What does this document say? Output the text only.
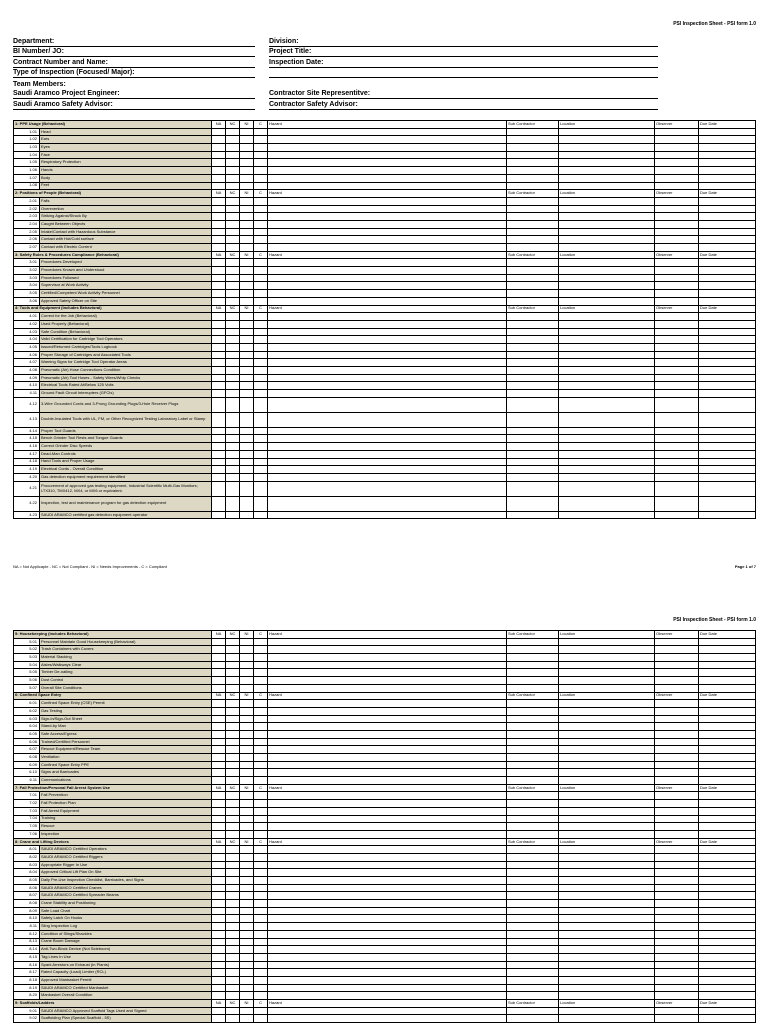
PSI Inspection Sheet - PSI form 1.0
Department:	Division:
BI Number/ JO:	Project Title:
Contract Number and Name:	Inspection Date:
Type of Inspection (Focused/ Major):
Team Members:
Saudi Aramco Project Engineer:	Contractor Site Representitve:
Saudi Aramco Safety Advisor:	Contractor Safety Advisor:
1: PPE Usage (Behavioral)		NA	NC	NI	C	Hazard	Sub Contractor	Location	Observer	Due Date
1.01	Head									
1.02	Ears									
1.03	Eyes									
1.04	Face									
1.05	Respiratory Protection									
1.06	Hands									
1.07	Body									
1.08	Feet									
2: Positions of People (Behavioral)		NA	NC	NI	C	Hazard	Sub Contractor	Location	Observer	Due Date
2.01	Falls									
2.02	Overexertion									
2.03	Striking Against/Struck By									
2.04	Caught Between Objects									
2.05	Intake/Contact with Hazardous Substance									
2.06	Contact with Hot/Cold surface									
2.07	Contact with Electric Current									
3: Safety Rules & Procedures Compliance (Behavioral)		NA	NC	NI	C	Hazard	Sub Contractor	Location	Observer	Due Date
3.01	Procedures Developed									
3.02	Procedures Known and Understood									
3.03	Procedures Followed									
3.04	Supervisor at Work Activity									
3.05	Certified/Competent Work Activity Personnel									
3.06	Approved Safety Officer on Site									
4: Tools and Equipment (Includes Behavioral)		NA	NC	NI	C	Hazard	Sub Contractor	Location	Observer	Due Date
4.01	Correct for the Job (Behavioral)									
4.02	Used Properly (Behavioral)									
4.03	Safe Condition (Behavioral)									
4.04	Valid Certification for Cartridge Tool Operators									
4.05	Issued/Returned Cartridges/Tools Logbook									
4.06	Proper Storage of Cartridges and Associated Tools									
4.07	Warning Signs for Cartridge Tool Operator Areas									
4.08	Pneumatic (Air) Hose Connections Condition									
4.09	Pneumatic (Air) Tool Hoses - Safety Wires/Whip Checks									
4.10	Electrical Tools Rated At/Below 125 Volts									
4.11	Ground Fault Circuit Interrupters (GFCIs)									
4.12	3-Wire Grounded Cords and 3-Prong Grounding Plugs/3-Hole Receiver Plugs									
4.13	Double-Insulated Tools with UL, FM, or Other Recognized Testing Laboratory Label or Stamp									
4.14	Proper Tool Guards									
4.15	Bench Grinder Tool Rests and Tongue Guards									
4.16	Correct Grinder Disc Speeds									
4.17	Dead-Man Controls									
4.18	Hand Tools and Proper Usage									
4.19	Electrical Cords - Overall Condition									
4.20	Gas detection equipment requirement identified									
4.21	Procurement of approved gas testing equipment, Industrial Scientific Multi-Gas Monitors; LTX310, TMX412, MX4, or MX6 or equivalent.									
4.22	Inspection, test and maintenance program for gas detection equipment									
4.23	SAUDI ARAMCO certified gas detection equipment operator									
NA = Not Applicaple - NC = Not Compliant - NI = Needs Improvements - C = Compliant	Page 1 of 7
PSI Inspection Sheet - PSI form 1.0
5: Housekeeping (Includes Behavioral)		NA	NC	NI	C	Hazard	Sub Contractor	Location	Observer	Due Date
5.01	Personnel Maintain Good Housekeeping (Behavioral)									
5.02	Trash Containers with Covers									
5.03	Material Stacking									
5.04	Aisles/Walkways Clear									
5.05	Timber De-nailing									
5.06	Dust Control									
5.07	Overall Site Conditions									
6: Confined Space Entry		NA	NC	NI	C	Hazard	Sub Contractor	Location	Observer	Due Date
6.01	Confined Space Entry (CSE) Permit									
6.02	Gas Testing									
6.03	Sign-In/Sign-Out Sheet									
6.04	Stand-by Man									
6.05	Safe Access/Egress									
6.06	Trained/Certified Personnel									
6.07	Rescue Equipment/Rescue Team									
6.08	Ventilation									
6.09	Confined Space Entry PPE									
6.10	Signs and Barricades									
6.11	Communications									
7: Fall Protection/Personal Fall Arrest System Use		NA	NC	NI	C	Hazard	Sub Contractor	Location	Observer	Due Date
7.01	Fall Prevention									
7.02	Fall Protection Plan									
7.03	Fall Arrest Equipment									
7.04	Training									
7.05	Rescue									
7.06	Inspection									
8: Crane and Lifting Devices		NA	NC	NI	C	Hazard	Sub Contractor	Location	Observer	Due Date
8.01	SAUDI ARAMCO Certified Operators									
8.02	SAUDI ARAMCO Certified Riggers									
8.03	Appropriate Rigger In Use									
8.04	Approved Critical Lift Plan On Site									
8.05	Daily Pre-Use Inspection Checklist, Barricades, and Signs									
8.06	SAUDI ARAMCO Certified Cranes									
8.07	SAUDI ARAMCO Certified Spreader Beams									
8.08	Crane Stability and Positioning									
8.09	Safe Load Chart									
8.10	Safety Latch On Hooks									
8.11	Sling Inspection Log									
8.12	Condition of Slings/Shackles									
8.13	Crane Boom Damage									
8.14	Anti-Two-Block Device (Not Sideboom)									
8.15	Tag Lines In Use									
8.16	Spark Arrestors on Exhaust (In Plants)									
8.17	Rated Capacity (Load) Limiter (RCL)									
8.18	Approved Manbasket Permit									
8.19	SAUDI ARAMCO Certified Manbasket									
8.20	Manbasket Overall Condition									
9: Scaffolds/Ladders		NA	NC	NI	C	Hazard	Sub Contractor	Location	Observer	Due Date
9.01	SAUDI ARAMCO Approved Scaffold Tags Used and Signed									
9.02	Scaffolding Plan (Special Scaffold - 5S)									
